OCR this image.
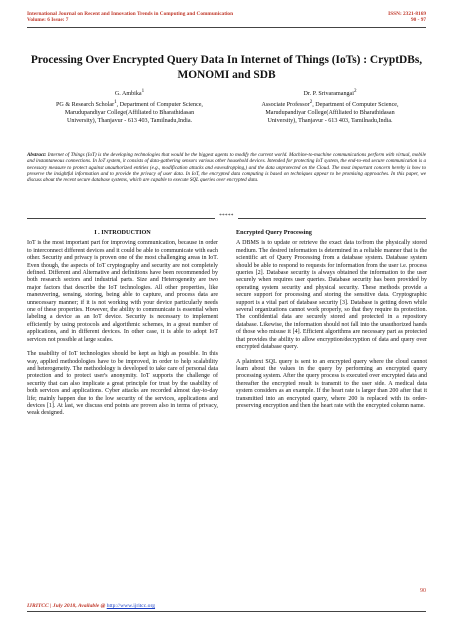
International Journal on Recent and Innovation Trends in Computing and Communication
Volume: 6 Issue: 7
ISSN: 2321-8169
90 - 97
Processing Over Encrypted Query Data In Internet of Things (IoTs) : CryptDBs, MONOMI and SDB
G. Ambika$^1$
PG & Research Scholar$^1$, Department of Computer Science,
Marudupandiyar College(Affiliated to Bharathidasan
University), Thanjavur - 613 403, Tamilnadu,India.
Dr. P. Srivaramangai$^2$
Associate Professor$^2$, Department of Computer Science,
Marudupandiyar College(Affiliated to Bharathidasan
University), Thanjavur - 613 403, Tamilnadu,India.
Abstract: Internet of Things (IoT) is the developing technologies that would be the biggest agents to modify the current world. Machine-to-machine communications perform with virtual, mobile and instantaneous connections. In IoT system, it consists of data-gathering sensors various other household devices. Intended for protecting IoT system, the end-to-end secure communication is a necessary measure to protect against unauthorized entities (e.g., modification attacks and eavesdropping,) and the data unprotected on the Cloud. The most important concern hereby is how to preserve the insightful information and to provide the privacy of user data. In IoT, the encrypted data computing is based on techniques appear to be promising approaches. In this paper, we discuss about the recent secure database systems, which are capable to execute SQL queries over encrypted data.
*****
I . INTRODUCTION

IoT is the most important part for improving communication, because in order to interconnect different devices and it could be able to communicate with each other. Security and privacy is proven one of the most challenging areas in IoT. Even though, the aspects of IoT cryptography and security are not completely defined. Different and Alternative and definitions have been recommended by both research sectors and industrial parts. Size and Heterogeneity are two major factors that describe the IoT technologies. All other properties, like maneuvering, sensing, storing, being able to capture, and process data are unnecessary manner; if it is not working with your device particularly needs one of these properties. However, the ability to communicate is essential when labeling a device as an IoT device. Security is necessary to implement efficiently by using protocols and algorithmic schemes, in a great number of applications, and in different devices. In other case, it is able to adopt IoT services not possible at large scales.

The usability of IoT technologies should be kept as high as possible. In this way, applied methodologies have to be improved, in order to help scalability and heterogeneity. The methodology is developed to take care of personal data protection and to protect user's anonymity. IoT supports the challenge of security that can also implicate a great principle for trust by the usability of both services and applications. Cyber attacks are recorded almost day-to-day life; mainly happen due to the low security of the services, applications and devices [1]. At last, we discuss end points are proven also in terms of privacy, weak designed.

Encrypted Query Processing

A DBMS is to update or retrieve the exact data to/from the physically stored medium. The desired information is determined in a reliable manner that is the scientific art of Query Processing from a database system. Database system should be able to respond to requests for information from the user i.e. process queries [2]. Database security is always obtained the information to the user securely when requires user queries. Database security has been provided by operating system security and physical security. These methods provide a secure support for processing and storing the sensitive data. Cryptographic support is a vital part of database security [3]. Database is getting down while several organizations cannot work properly, so that they require its protection. The confidential data are securely stored and protected in a repository database. Likewise, the information should not fall into the unauthorized hands of those who misuse it [4]. Efficient algorithms are necessary part as protected that provides the ability to allow encryption/decryption of data and query over encrypted database query.

A plaintext SQL query is sent to an encrypted query where the cloud cannot learn about the values in the query by performing an encrypted query processing system. After the query process is executed over encrypted data and thereafter the encrypted result is transmit to the user side. A medical data system considers as an example. If the heart rate is larger than 200 after that it transmitted into an encrypted query, where 200 is replaced with its order-preserving encryption and then the heart rate with the encrypted column name.

90
IJRITCC | July 2018, Available @ http://www.ijritcc.org
